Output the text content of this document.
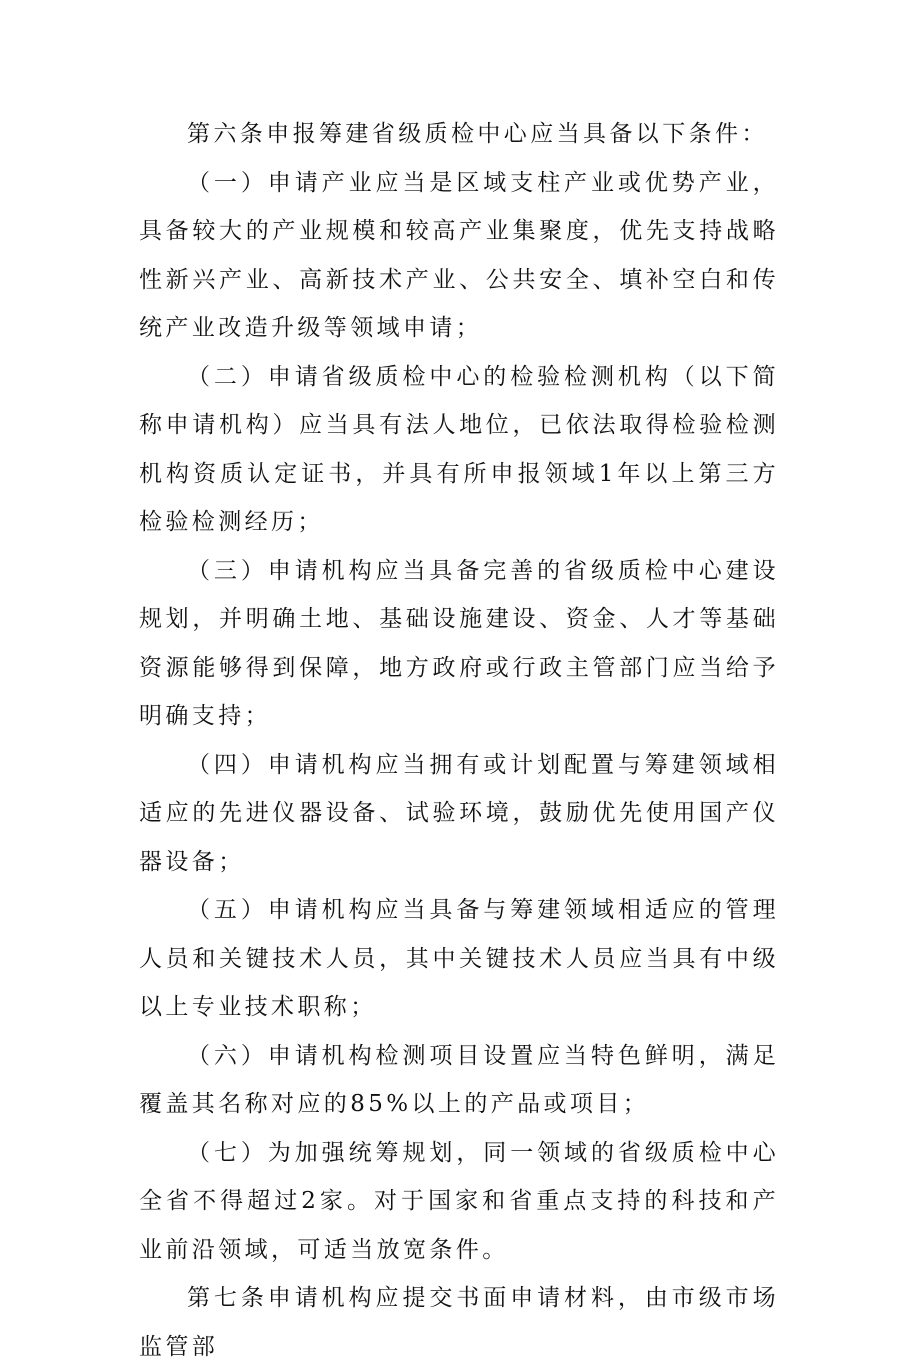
第六条申报筹建省级质检中心应当具备以下条件：

（一）申请产业应当是区域支柱产业或优势产业，具备较大的产业规模和较高产业集聚度，优先支持战略性新兴产业、高新技术产业、公共安全、填补空白和传统产业改造升级等领域申请；

（二）申请省级质检中心的检验检测机构（以下简称申请机构）应当具有法人地位，已依法取得检验检测机构资质认定证书，并具有所申报领域1年以上第三方检验检测经历；

（三）申请机构应当具备完善的省级质检中心建设规划，并明确土地、基础设施建设、资金、人才等基础资源能够得到保障，地方政府或行政主管部门应当给予明确支持；

（四）申请机构应当拥有或计划配置与筹建领域相适应的先进仪器设备、试验环境，鼓励优先使用国产仪器设备；

（五）申请机构应当具备与筹建领域相适应的管理人员和关键技术人员，其中关键技术人员应当具有中级以上专业技术职称；

（六）申请机构检测项目设置应当特色鲜明，满足覆盖其名称对应的85%以上的产品或项目；

（七）为加强统筹规划，同一领域的省级质检中心全省不得超过2家。对于国家和省重点支持的科技和产业前沿领域，可适当放宽条件。

第七条申请机构应提交书面申请材料，由市级市场监管部
